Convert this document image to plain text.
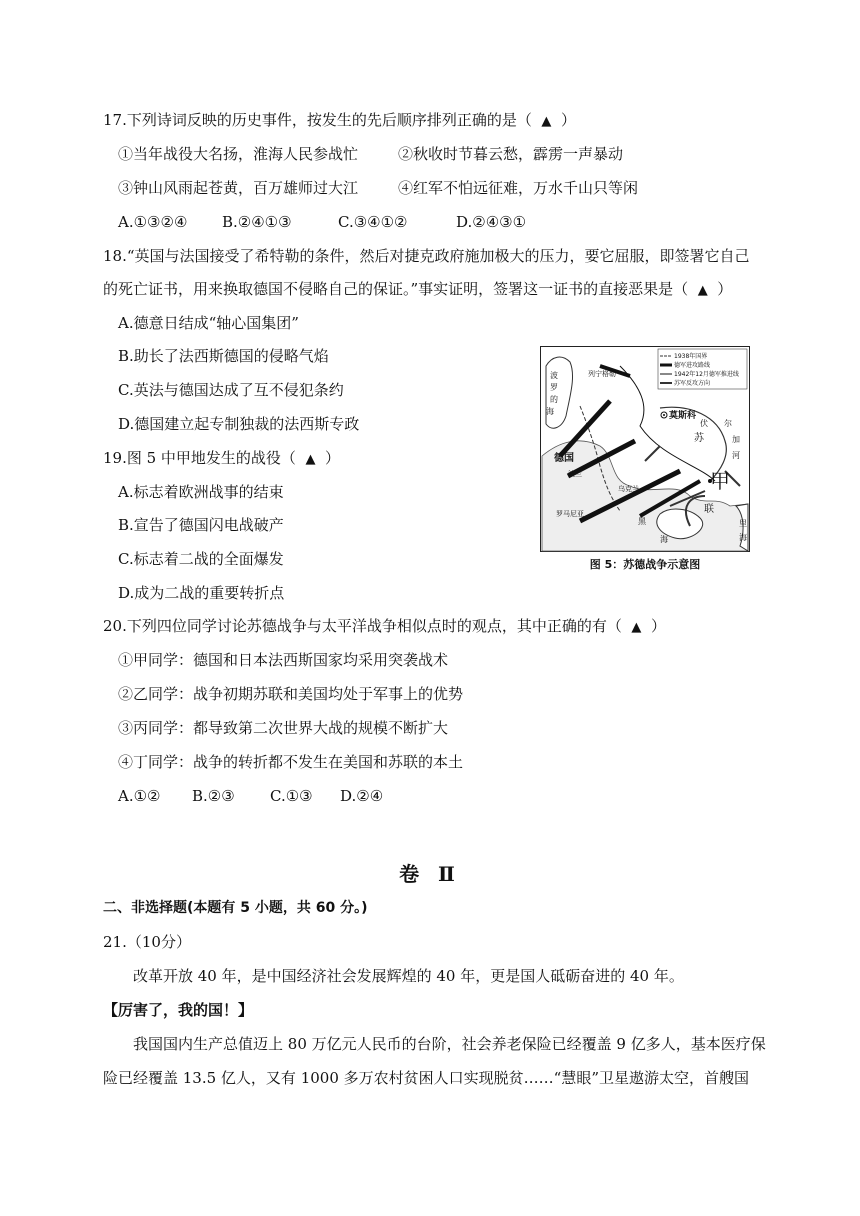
17.下列诗词反映的历史事件，按发生的先后顺序排列正确的是（ ▲ ）
①当年战役大名扬，淮海人民参战忙	②秋收时节暮云愁，霹雳一声暴动
③钟山风雨起苍黄，百万雄师过大江	④红军不怕远征难，万水千山只等闲
A.①③②④ B.②④①③	C.③④①②	D.②④③①
18.“英国与法国接受了希特勒的条件，然后对捷克政府施加极大的压力，要它屈服，即签署它自己
的死亡证书，用来换取德国不侵略自己的保证。”事实证明，签署这一证书的直接恶果是（ ▲ ）
A.德意日结成“轴心国集团”
B.助长了法西斯德国的侵略气焰
C.英法与德国达成了互不侵犯条约
D.德国建立起专制独裁的法西斯专政
19.图 5 中甲地发生的战役（ ▲ ）
A.标志着欧洲战事的结束
B.宣告了德国闪电战破产
C.标志着二战的全面爆发
D.成为二战的重要转折点
1938年国界
德军进攻路线
1942年12月德军推进线
苏军反攻方向
列宁格勒
波
罗
的
海	莫斯科
伏 尔
加
河
苏
联
甲
德国
波兰
乌克兰
罗马尼亚
黑
海
里
海
图 5：苏德战争示意图
20.下列四位同学讨论苏德战争与太平洋战争相似点时的观点，其中正确的有（ ▲ ）
①甲同学：德国和日本法西斯国家均采用突袭战术
②乙同学：战争初期苏联和美国均处于军事上的优势
③丙同学：都导致第二次世界大战的规模不断扩大
④丁同学：战争的转折都不发生在美国和苏联的本土
A.①② B.②③ C.①③ D.②④
卷 Ⅱ
二、非选择题(本题有 5 小题，共 60 分。)
21.（10分）
改革开放 40 年，是中国经济社会发展辉煌的 40 年，更是国人砥砺奋进的 40 年。
【厉害了，我的国！】
我国国内生产总值迈上 80 万亿元人民币的台阶，社会养老保险已经覆盖 9 亿多人，基本医疗保
险已经覆盖 13.5 亿人，又有 1000 多万农村贫困人口实现脱贫……“慧眼”卫星遨游太空，首艘国
